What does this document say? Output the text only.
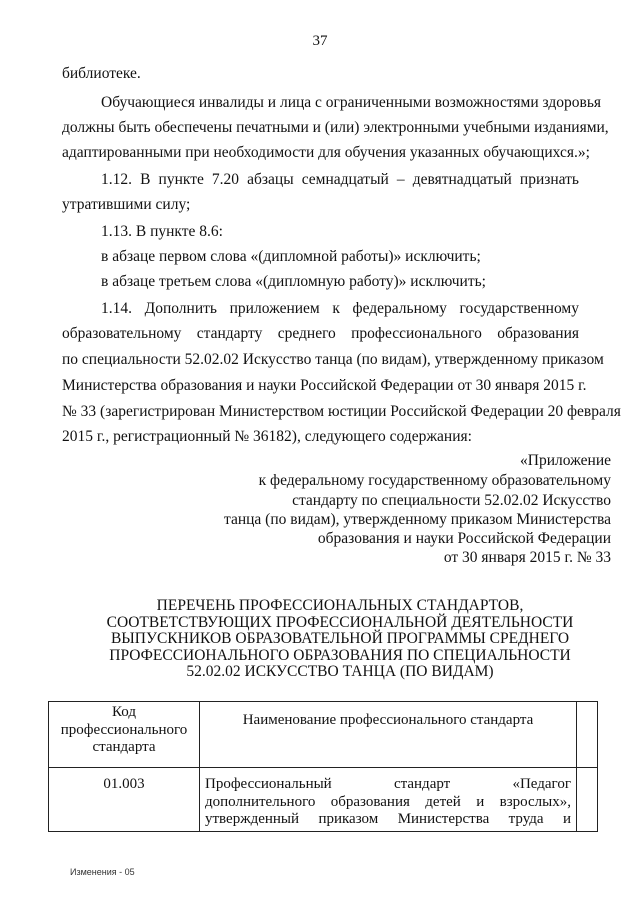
37
библиотеке.
Обучающиеся инвалиды и лица с ограниченными возможностями здоровья
должны быть обеспечены печатными и (или) электронными учебными изданиями,
адаптированными при необходимости для обучения указанных обучающихся.»;
1.12. В пункте 7.20 абзацы семнадцатый – девятнадцатый признать
утратившими силу;
1.13. В пункте 8.6:
в абзаце первом слова «(дипломной работы)» исключить;
в абзаце третьем слова «(дипломную работу)» исключить;
1.14. Дополнить приложением к федеральному государственному
образовательному стандарту среднего профессионального образования
по специальности 52.02.02 Искусство танца (по видам), утвержденному приказом
Министерства образования и науки Российской Федерации от 30 января 2015 г.
№ 33 (зарегистрирован Министерством юстиции Российской Федерации 20 февраля
2015 г., регистрационный № 36182), следующего содержания:
«Приложение
к федеральному государственному образовательному
стандарту по специальности 52.02.02 Искусство
танца (по видам), утвержденному приказом Министерства
образования и науки Российской Федерации
от 30 января 2015 г. № 33
ПЕРЕЧЕНЬ ПРОФЕССИОНАЛЬНЫХ СТАНДАРТОВ,
СООТВЕТСТВУЮЩИХ ПРОФЕССИОНАЛЬНОЙ ДЕЯТЕЛЬНОСТИ
ВЫПУСКНИКОВ ОБРАЗОВАТЕЛЬНОЙ ПРОГРАММЫ СРЕДНЕГО
ПРОФЕССИОНАЛЬНОГО ОБРАЗОВАНИЯ ПО СПЕЦИАЛЬНОСТИ
52.02.02 ИСКУССТВО ТАНЦА (ПО ВИДАМ)
Код
профессионального
стандарта	Наименование профессионального стандарта	
01.003	Профессиональный стандарт «Педагог
дополнительного образования детей и взрослых»,
утвержденный приказом Министерства труда и	

Изменения - 05
